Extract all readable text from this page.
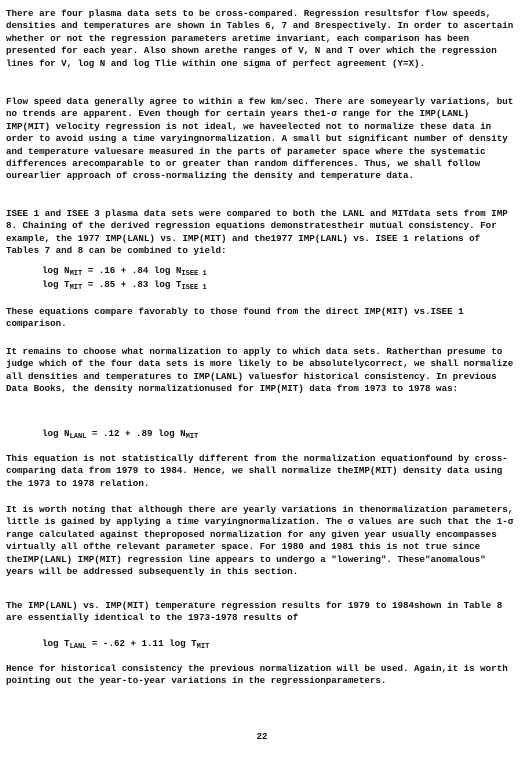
There are four plasma data sets to be cross-compared. Regression resultsfor flow speeds, densities and temperatures are shown in Tables 6, 7 and 8respectively. In order to ascertain whether or not the regression parameters aretime invariant, each comparison has been presented for each year. Also shown arethe ranges of V, N and T over which the regression lines for V, log N and log Tlie within one sigma of perfect agreement (Y=X).
Flow speed data generally agree to within a few km/sec. There are someyearly variations, but no trends are apparent. Even though for certain years the1-σ range for the IMP(LANL) IMP(MIT) velocity regression is not ideal, we haveelected not to normalize these data in order to avoid using a time varyingnormalization. A small but significant number of density and temperature valuesare measured in the parts of parameter space where the systematic differences arecomparable to or greater than random differences. Thus, we shall follow ourearlier approach of cross-normalizing the density and temperature data.
ISEE 1 and ISEE 3 plasma data sets were compared to both the LANL and MITdata sets from IMP 8. Chaining of the derived regression equations demonstratestheir mutual consistency. For example, the 1977 IMP(LANL) vs. IMP(MIT) and the1977 IMP(LANL) vs. ISEE 1 relations of Tables 7 and 8 can be combined to yield:
$\log N_{MIT} = .16 + .84$ $\log N_{ISEE 1}$
$\log T_{MIT} = .85 + .83$ $\log T_{ISEE 1}$
These equations compare favorably to those found from the direct IMP(MIT) vs.ISEE 1 comparison.
It remains to choose what normalization to apply to which data sets. Ratherthan presume to judge which of the four data sets is more likely to be absolutelycorrect, we shall normalize all densities and temperatures to IMP(LANL) valuesfor historical consistency. In previous Data Books, the density normalizationused for IMP(MIT) data from 1973 to 1978 was:
$\log N_{LANL} = .12 + .89$ $\log N_{MIT}$
This equation is not statistically different from the normalization equationfound by cross-comparing data from 1979 to 1984. Hence, we shall normalize theIMP(MIT) density data using the 1973 to 1978 relation.
It is worth noting that although there are yearly variations in thenormalization parameters, little is gained by applying a time varyingnormalization. The σ values are such that the 1-σ range calculated against theproposed normalization for any given year usually encompasses virtually all ofthe relevant parameter space. For 1980 and 1981 this is not true since theIMP(LANL) IMP(MIT) regression line appears to undergo a "lowering". These"anomalous" years will be addressed subsequently in this section.
The IMP(LANL) vs. IMP(MIT) temperature regression results for 1979 to 1984shown in Table 8 are essentially identical to the 1973-1978 results of
$\log T_{LANL} = -.62 + 1.11$ $\log T_{MIT}$
Hence for historical consistency the previous normalization will be used. Again,it is worth pointing out the year-to-year variations in the regressionparameters.
22
